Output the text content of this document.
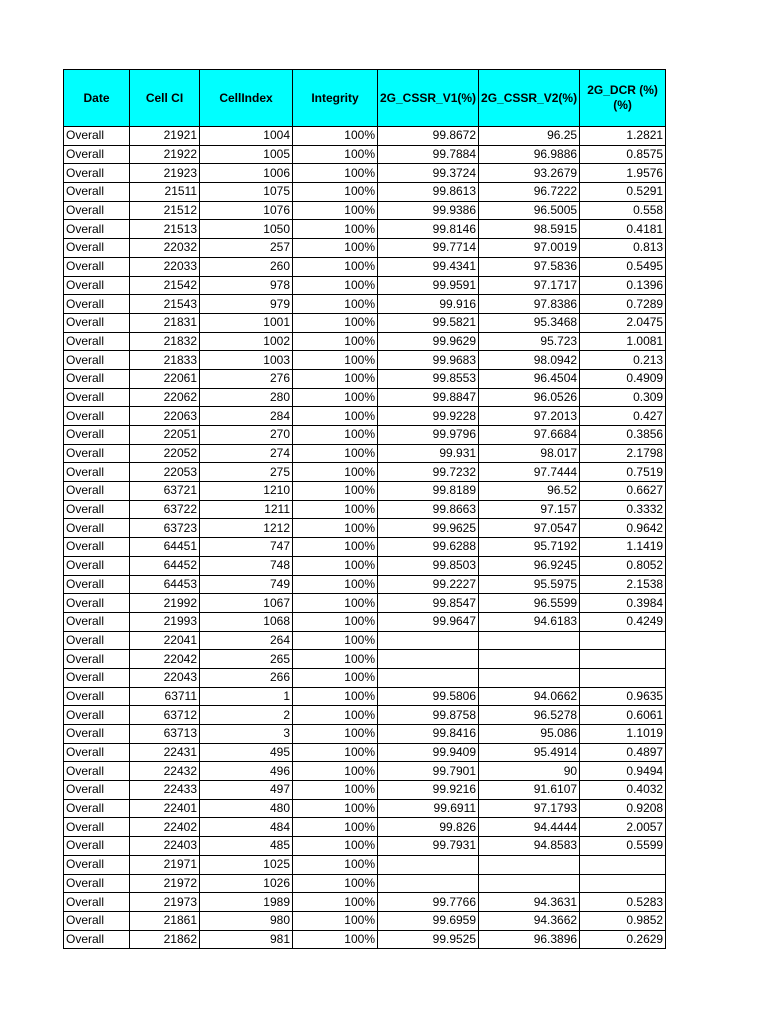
Date	Cell CI	CellIndex	Integrity	2G_CSSR_V1(%)	2G_CSSR_V2(%)	2G_DCR (%)(%)
Overall	21921	1004	100%	99.8672	96.25	1.2821
Overall	21922	1005	100%	99.7884	96.9886	0.8575
Overall	21923	1006	100%	99.3724	93.2679	1.9576
Overall	21511	1075	100%	99.8613	96.7222	0.5291
Overall	21512	1076	100%	99.9386	96.5005	0.558
Overall	21513	1050	100%	99.8146	98.5915	0.4181
Overall	22032	257	100%	99.7714	97.0019	0.813
Overall	22033	260	100%	99.4341	97.5836	0.5495
Overall	21542	978	100%	99.9591	97.1717	0.1396
Overall	21543	979	100%	99.916	97.8386	0.7289
Overall	21831	1001	100%	99.5821	95.3468	2.0475
Overall	21832	1002	100%	99.9629	95.723	1.0081
Overall	21833	1003	100%	99.9683	98.0942	0.213
Overall	22061	276	100%	99.8553	96.4504	0.4909
Overall	22062	280	100%	99.8847	96.0526	0.309
Overall	22063	284	100%	99.9228	97.2013	0.427
Overall	22051	270	100%	99.9796	97.6684	0.3856
Overall	22052	274	100%	99.931	98.017	2.1798
Overall	22053	275	100%	99.7232	97.7444	0.7519
Overall	63721	1210	100%	99.8189	96.52	0.6627
Overall	63722	1211	100%	99.8663	97.157	0.3332
Overall	63723	1212	100%	99.9625	97.0547	0.9642
Overall	64451	747	100%	99.6288	95.7192	1.1419
Overall	64452	748	100%	99.8503	96.9245	0.8052
Overall	64453	749	100%	99.2227	95.5975	2.1538
Overall	21992	1067	100%	99.8547	96.5599	0.3984
Overall	21993	1068	100%	99.9647	94.6183	0.4249
Overall	22041	264	100%			
Overall	22042	265	100%			
Overall	22043	266	100%			
Overall	63711	1	100%	99.5806	94.0662	0.9635
Overall	63712	2	100%	99.8758	96.5278	0.6061
Overall	63713	3	100%	99.8416	95.086	1.1019
Overall	22431	495	100%	99.9409	95.4914	0.4897
Overall	22432	496	100%	99.7901	90	0.9494
Overall	22433	497	100%	99.9216	91.6107	0.4032
Overall	22401	480	100%	99.6911	97.1793	0.9208
Overall	22402	484	100%	99.826	94.4444	2.0057
Overall	22403	485	100%	99.7931	94.8583	0.5599
Overall	21971	1025	100%			
Overall	21972	1026	100%			
Overall	21973	1989	100%	99.7766	94.3631	0.5283
Overall	21861	980	100%	99.6959	94.3662	0.9852
Overall	21862	981	100%	99.9525	96.3896	0.2629
